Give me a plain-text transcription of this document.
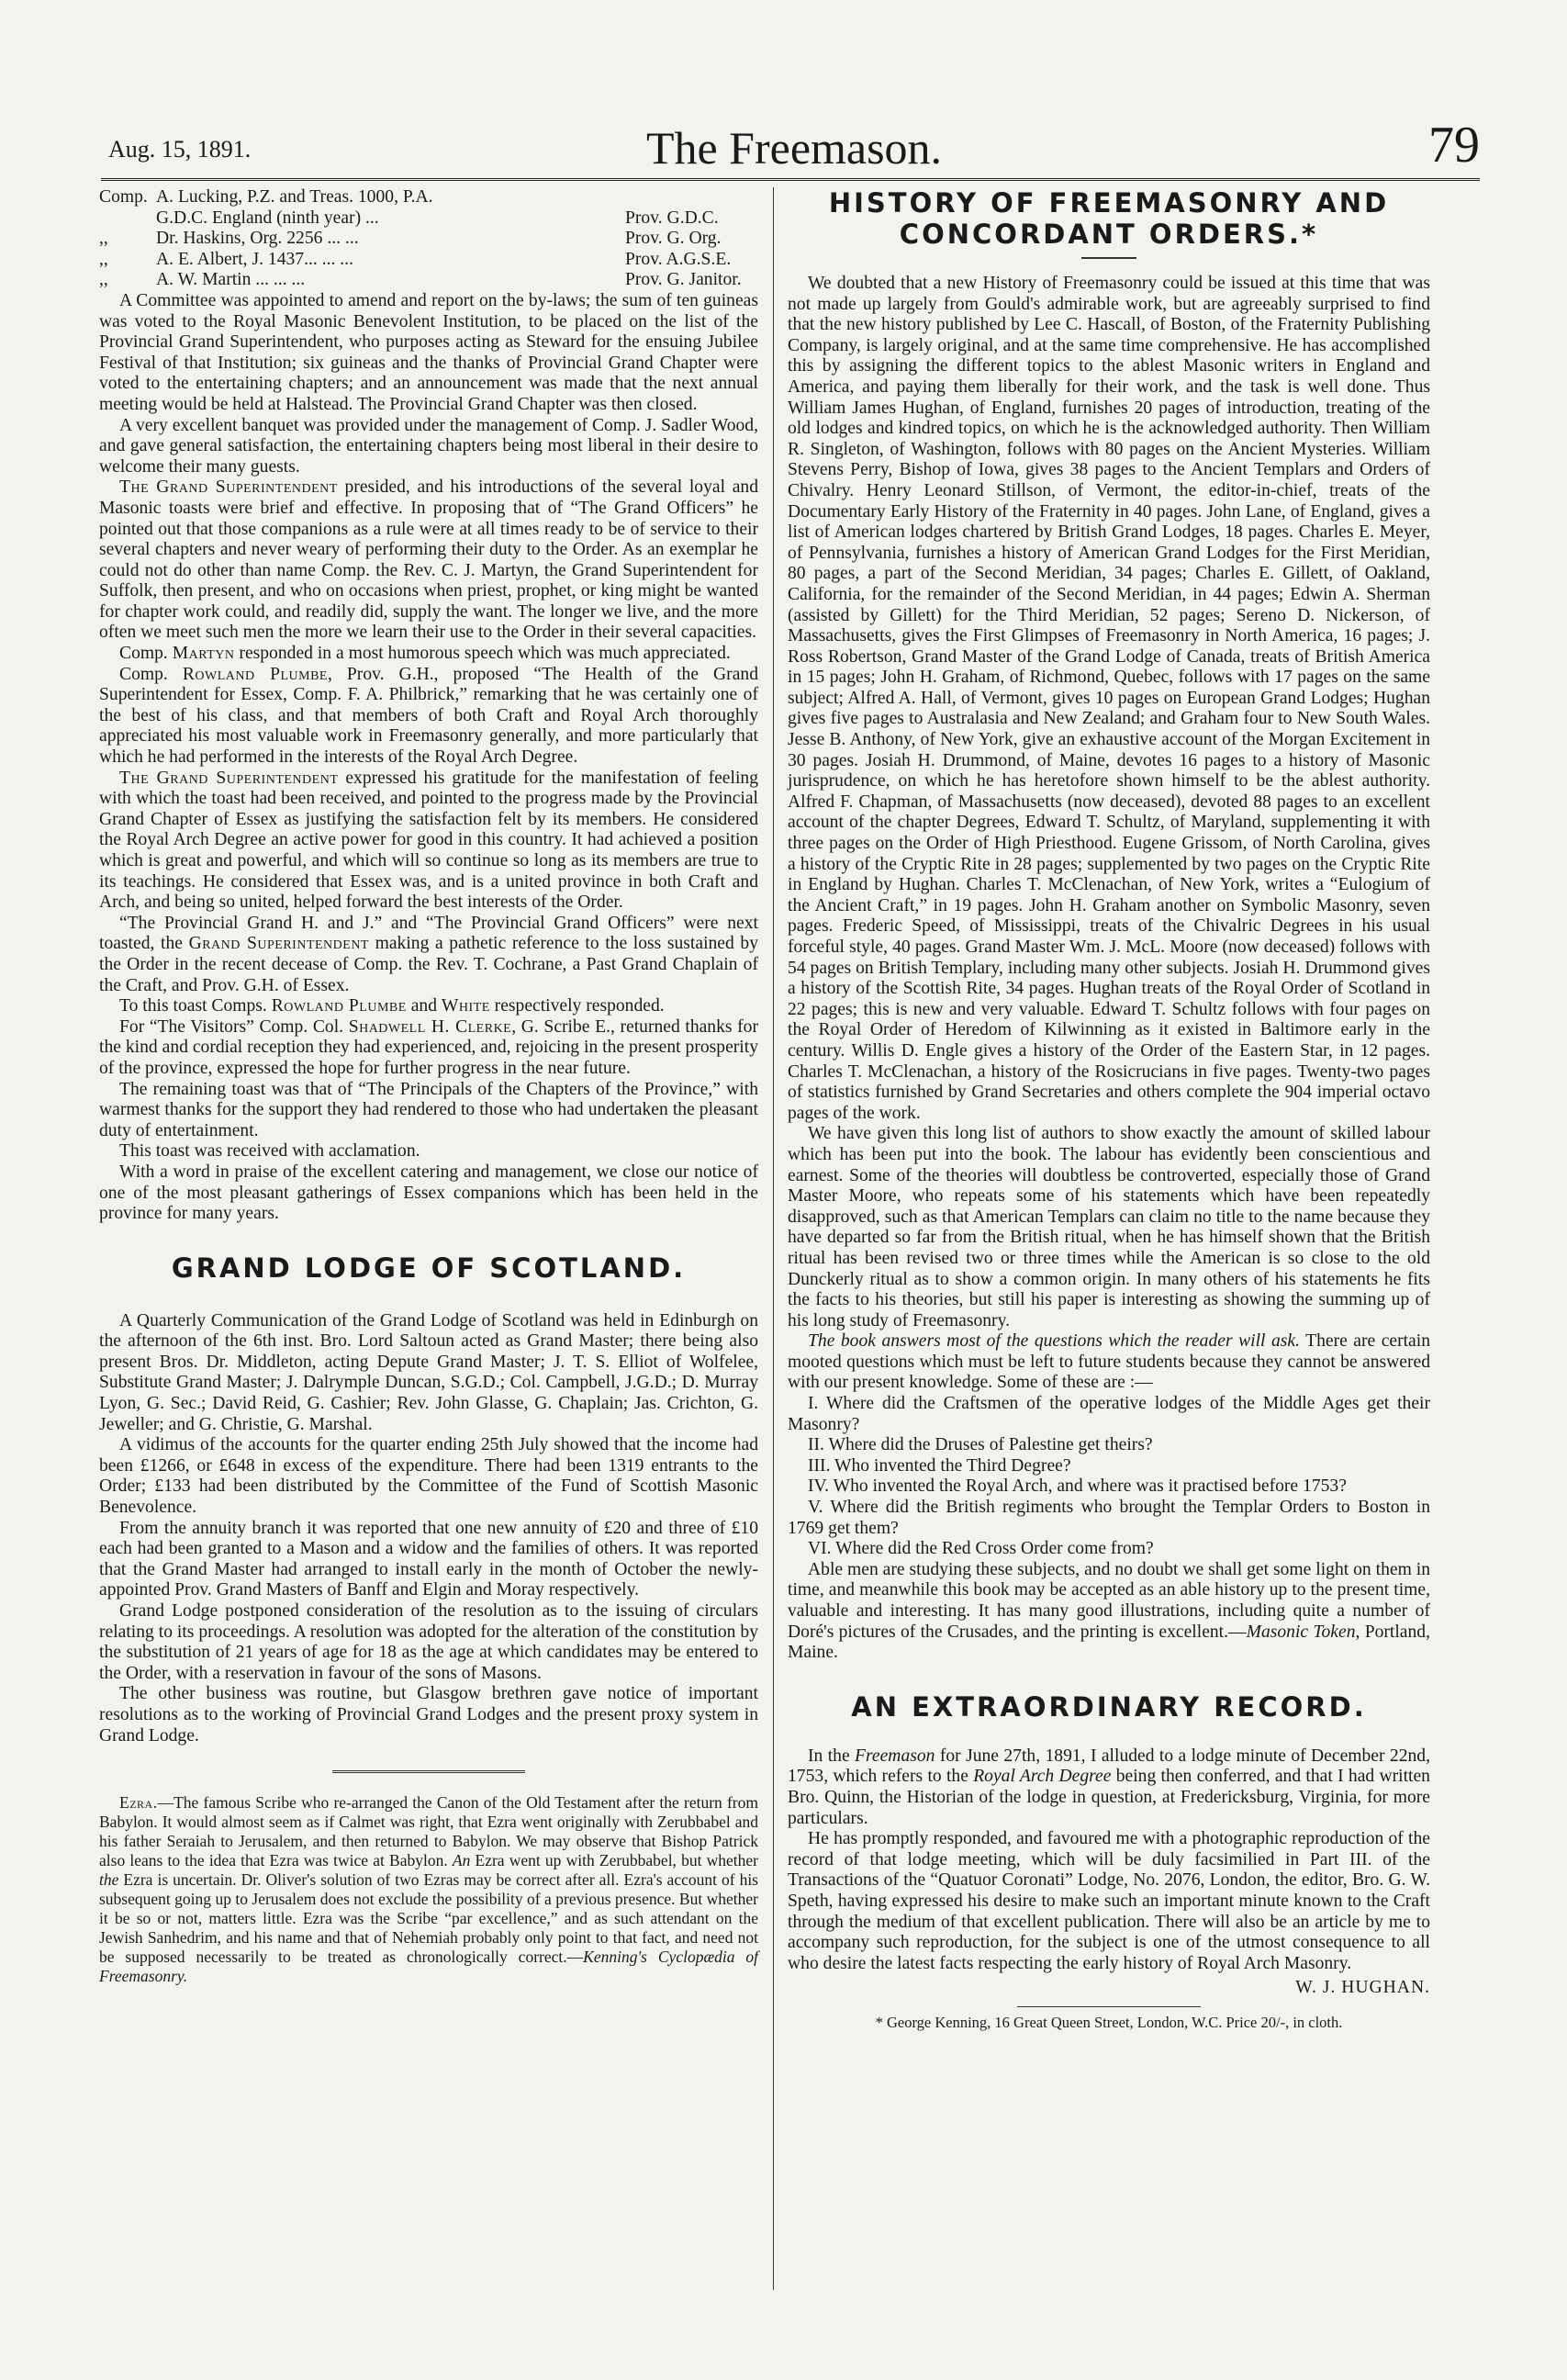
Aug. 15, 1891.	The Freemason.	79
Comp. A. Lucking, P.Z. and Treas. 1000, P.A.
G.D.C. England (ninth year) ...	Prov. G.D.C.
,,	Dr. Haskins, Org. 2256 ... ...	Prov. G. Org.
,,	A. E. Albert, J. 1437... ... ...	Prov. A.G.S.E.
,,	A. W. Martin ... ... ...	Prov. G. Janitor.

A Committee was appointed to amend and report on the by-laws; the sum of ten guineas was voted to the Royal Masonic Benevolent Institution, to be placed on the list of the Provincial Grand Superintendent, who purposes acting as Steward for the ensuing Jubilee Festival of that Institution; six guineas and the thanks of Provincial Grand Chapter were voted to the entertaining chapters; and an announcement was made that the next annual meeting would be held at Halstead. The Provincial Grand Chapter was then closed.

A very excellent banquet was provided under the management of Comp. J. Sadler Wood, and gave general satisfaction, the entertaining chapters being most liberal in their desire to welcome their many guests.

The Grand Superintendent presided, and his introductions of the several loyal and Masonic toasts were brief and effective. In proposing that of “The Grand Officers” he pointed out that those companions as a rule were at all times ready to be of service to their several chapters and never weary of performing their duty to the Order. As an exemplar he could not do other than name Comp. the Rev. C. J. Martyn, the Grand Superintendent for Suffolk, then present, and who on occasions when priest, prophet, or king might be wanted for chapter work could, and readily did, supply the want. The longer we live, and the more often we meet such men the more we learn their use to the Order in their several capacities.

Comp. Martyn responded in a most humorous speech which was much appreciated.

Comp. Rowland Plumbe, Prov. G.H., proposed “The Health of the Grand Superintendent for Essex, Comp. F. A. Philbrick,” remarking that he was certainly one of the best of his class, and that members of both Craft and Royal Arch thoroughly appreciated his most valuable work in Freemasonry generally, and more particularly that which he had performed in the interests of the Royal Arch Degree.

The Grand Superintendent expressed his gratitude for the manifestation of feeling with which the toast had been received, and pointed to the progress made by the Provincial Grand Chapter of Essex as justifying the satisfaction felt by its members. He considered the Royal Arch Degree an active power for good in this country. It had achieved a position which is great and powerful, and which will so continue so long as its members are true to its teachings. He considered that Essex was, and is a united province in both Craft and Arch, and being so united, helped forward the best interests of the Order.

“The Provincial Grand H. and J.” and “The Provincial Grand Officers” were next toasted, the Grand Superintendent making a pathetic reference to the loss sustained by the Order in the recent decease of Comp. the Rev. T. Cochrane, a Past Grand Chaplain of the Craft, and Prov. G.H. of Essex.

To this toast Comps. Rowland Plumbe and White respectively responded.

For “The Visitors” Comp. Col. Shadwell H. Clerke, G. Scribe E., returned thanks for the kind and cordial reception they had experienced, and, rejoicing in the present prosperity of the province, expressed the hope for further progress in the near future.

The remaining toast was that of “The Principals of the Chapters of the Province,” with warmest thanks for the support they had rendered to those who had undertaken the pleasant duty of entertainment.

This toast was received with acclamation.

With a word in praise of the excellent catering and management, we close our notice of one of the most pleasant gatherings of Essex companions which has been held in the province for many years.

GRAND LODGE OF SCOTLAND.

A Quarterly Communication of the Grand Lodge of Scotland was held in Edinburgh on the afternoon of the 6th inst. Bro. Lord Saltoun acted as Grand Master; there being also present Bros. Dr. Middleton, acting Depute Grand Master; J. T. S. Elliot of Wolfelee, Substitute Grand Master; J. Dalrymple Duncan, S.G.D.; Col. Campbell, J.G.D.; D. Murray Lyon, G. Sec.; David Reid, G. Cashier; Rev. John Glasse, G. Chaplain; Jas. Crichton, G. Jeweller; and G. Christie, G. Marshal.

A vidimus of the accounts for the quarter ending 25th July showed that the income had been £1266, or £648 in excess of the expenditure. There had been 1319 entrants to the Order; £133 had been distributed by the Committee of the Fund of Scottish Masonic Benevolence.

From the annuity branch it was reported that one new annuity of £20 and three of £10 each had been granted to a Mason and a widow and the families of others. It was reported that the Grand Master had arranged to install early in the month of October the newly-appointed Prov. Grand Masters of Banff and Elgin and Moray respectively.

Grand Lodge postponed consideration of the resolution as to the issuing of circulars relating to its proceedings. A resolution was adopted for the alteration of the constitution by the substitution of 21 years of age for 18 as the age at which candidates may be entered to the Order, with a reservation in favour of the sons of Masons.

The other business was routine, but Glasgow brethren gave notice of important resolutions as to the working of Provincial Grand Lodges and the present proxy system in Grand Lodge.

Ezra.—The famous Scribe who re-arranged the Canon of the Old Testament after the return from Babylon. It would almost seem as if Calmet was right, that Ezra went originally with Zerubbabel and his father Seraiah to Jerusalem, and then returned to Babylon. We may observe that Bishop Patrick also leans to the idea that Ezra was twice at Babylon. An Ezra went up with Zerubbabel, but whether the Ezra is uncertain. Dr. Oliver's solution of two Ezras may be correct after all. Ezra's account of his subsequent going up to Jerusalem does not exclude the possibility of a previous presence. But whether it be so or not, matters little. Ezra was the Scribe “par excellence,” and as such attendant on the Jewish Sanhedrim, and his name and that of Nehemiah probably only point to that fact, and need not be supposed necessarily to be treated as chronologically correct.—Kenning's Cyclopædia of Freemasonry.

HISTORY OF FREEMASONRY AND CONCORDANT ORDERS.*

We doubted that a new History of Freemasonry could be issued at this time that was not made up largely from Gould's admirable work, but are agreeably surprised to find that the new history published by Lee C. Hascall, of Boston, of the Fraternity Publishing Company, is largely original, and at the same time comprehensive. He has accomplished this by assigning the different topics to the ablest Masonic writers in England and America, and paying them liberally for their work, and the task is well done. Thus William James Hughan, of England, furnishes 20 pages of introduction, treating of the old lodges and kindred topics, on which he is the acknowledged authority. Then William R. Singleton, of Washington, follows with 80 pages on the Ancient Mysteries. William Stevens Perry, Bishop of Iowa, gives 38 pages to the Ancient Templars and Orders of Chivalry. Henry Leonard Stillson, of Vermont, the editor-in-chief, treats of the Documentary Early History of the Fraternity in 40 pages. John Lane, of England, gives a list of American lodges chartered by British Grand Lodges, 18 pages. Charles E. Meyer, of Pennsylvania, furnishes a history of American Grand Lodges for the First Meridian, 80 pages, a part of the Second Meridian, 34 pages; Charles E. Gillett, of Oakland, California, for the remainder of the Second Meridian, in 44 pages; Edwin A. Sherman (assisted by Gillett) for the Third Meridian, 52 pages; Sereno D. Nickerson, of Massachusetts, gives the First Glimpses of Freemasonry in North America, 16 pages; J. Ross Robertson, Grand Master of the Grand Lodge of Canada, treats of British America in 15 pages; John H. Graham, of Richmond, Quebec, follows with 17 pages on the same subject; Alfred A. Hall, of Vermont, gives 10 pages on European Grand Lodges; Hughan gives five pages to Australasia and New Zealand; and Graham four to New South Wales. Jesse B. Anthony, of New York, give an exhaustive account of the Morgan Excitement in 30 pages. Josiah H. Drummond, of Maine, devotes 16 pages to a history of Masonic jurisprudence, on which he has heretofore shown himself to be the ablest authority. Alfred F. Chapman, of Massachusetts (now deceased), devoted 88 pages to an excellent account of the chapter Degrees, Edward T. Schultz, of Maryland, supplementing it with three pages on the Order of High Priesthood. Eugene Grissom, of North Carolina, gives a history of the Cryptic Rite in 28 pages; supplemented by two pages on the Cryptic Rite in England by Hughan. Charles T. McClenachan, of New York, writes a “Eulogium of the Ancient Craft,” in 19 pages. John H. Graham another on Symbolic Masonry, seven pages. Frederic Speed, of Mississippi, treats of the Chivalric Degrees in his usual forceful style, 40 pages. Grand Master Wm. J. McL. Moore (now deceased) follows with 54 pages on British Templary, including many other subjects. Josiah H. Drummond gives a history of the Scottish Rite, 34 pages. Hughan treats of the Royal Order of Scotland in 22 pages; this is new and very valuable. Edward T. Schultz follows with four pages on the Royal Order of Heredom of Kilwinning as it existed in Baltimore early in the century. Willis D. Engle gives a history of the Order of the Eastern Star, in 12 pages. Charles T. McClenachan, a history of the Rosicrucians in five pages. Twenty-two pages of statistics furnished by Grand Secretaries and others complete the 904 imperial octavo pages of the work.

We have given this long list of authors to show exactly the amount of skilled labour which has been put into the book. The labour has evidently been conscientious and earnest. Some of the theories will doubtless be controverted, especially those of Grand Master Moore, who repeats some of his statements which have been repeatedly disapproved, such as that American Templars can claim no title to the name because they have departed so far from the British ritual, when he has himself shown that the British ritual has been revised two or three times while the American is so close to the old Dunckerly ritual as to show a common origin. In many others of his statements he fits the facts to his theories, but still his paper is interesting as showing the summing up of his long study of Freemasonry.

The book answers most of the questions which the reader will ask. There are certain mooted questions which must be left to future students because they cannot be answered with our present knowledge. Some of these are :—

I. Where did the Craftsmen of the operative lodges of the Middle Ages get their Masonry?

II. Where did the Druses of Palestine get theirs?

III. Who invented the Third Degree?

IV. Who invented the Royal Arch, and where was it practised before 1753?

V. Where did the British regiments who brought the Templar Orders to Boston in 1769 get them?

VI. Where did the Red Cross Order come from?

Able men are studying these subjects, and no doubt we shall get some light on them in time, and meanwhile this book may be accepted as an able history up to the present time, valuable and interesting. It has many good illustrations, including quite a number of Doré's pictures of the Crusades, and the printing is excellent.—Masonic Token, Portland, Maine.

AN EXTRAORDINARY RECORD.

In the Freemason for June 27th, 1891, I alluded to a lodge minute of December 22nd, 1753, which refers to the Royal Arch Degree being then conferred, and that I had written Bro. Quinn, the Historian of the lodge in question, at Fredericksburg, Virginia, for more particulars.

He has promptly responded, and favoured me with a photographic reproduction of the record of that lodge meeting, which will be duly facsimilied in Part III. of the Transactions of the “Quatuor Coronati” Lodge, No. 2076, London, the editor, Bro. G. W. Speth, having expressed his desire to make such an important minute known to the Craft through the medium of that excellent publication. There will also be an article by me to accompany such reproduction, for the subject is one of the utmost consequence to all who desire the latest facts respecting the early history of Royal Arch Masonry.

W. J. HUGHAN.
* George Kenning, 16 Great Queen Street, London, W.C. Price 20/-, in cloth.
